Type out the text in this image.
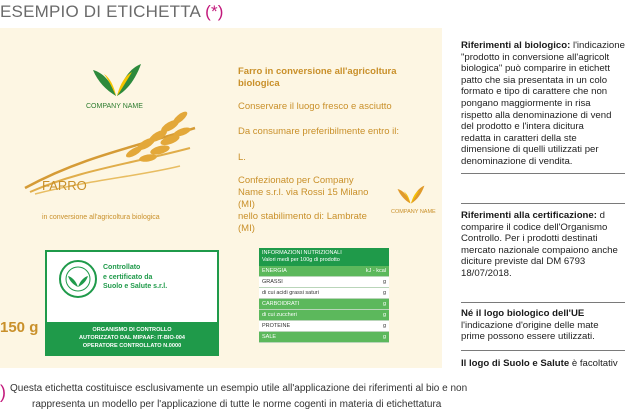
ESEMPIO DI ETICHETTA (*)
COMPANY NAME
FARRO
in conversione all'agricoltura biologica
Farro in conversione all'agricoltura
biologica
Conservare il luogo fresco e asciutto
Da consumare preferibilmente entro il:
L.
Confezionato per Company
Name s.r.l. via Rossi 15 Milano
(MI)
nello stabilimento di: Lambrate
(MI)
COMPANY NAME
Controllato
e certificato da
Suolo e Salute s.r.l.
ORGANISMO DI CONTROLLO
AUTORIZZATO DAL MIPAAF: IT-BIO-004
OPERATORE CONTROLLATO N.0000
150 g
INFORMAZIONI NUTRIZIONALI
Valori medi per 100g di prodotto
ENERGIA	kJ - kcal
GRASSI	g
di cui acidi grassi saturi	g
CARBOIDRATI	g
di cui zuccheri	g
PROTEINE	g
SALE	g
) Questa etichetta costituisce esclusivamente un esempio utile all'applicazione dei riferimenti al bio e non
rappresenta un modello per l'applicazione di tutte le norme cogenti in materia di etichettatura
Riferimenti al biologico: l'indicazione
"prodotto in conversione all'agricolt
biologica" può comparire in etichett
patto che sia presentata in un colo
formato e tipo di carattere che non
pongano maggiormente in risa
rispetto alla denominazione di vend
del prodotto e l'intera dicitura
redatta in caratteri della ste
dimensione di quelli utilizzati per
denominazione di vendita.
Riferimenti alla certificazione: d
comparire il codice dell'Organismo
Controllo. Per i prodotti destinati
mercato nazionale compaiono anche
diciture previste dal DM 6793
18/07/2018.
Né il logo biologico dell'UE
l'indicazione d'origine delle mate
prime possono essere utilizzati.
Il logo di Suolo e Salute è facoltativ
